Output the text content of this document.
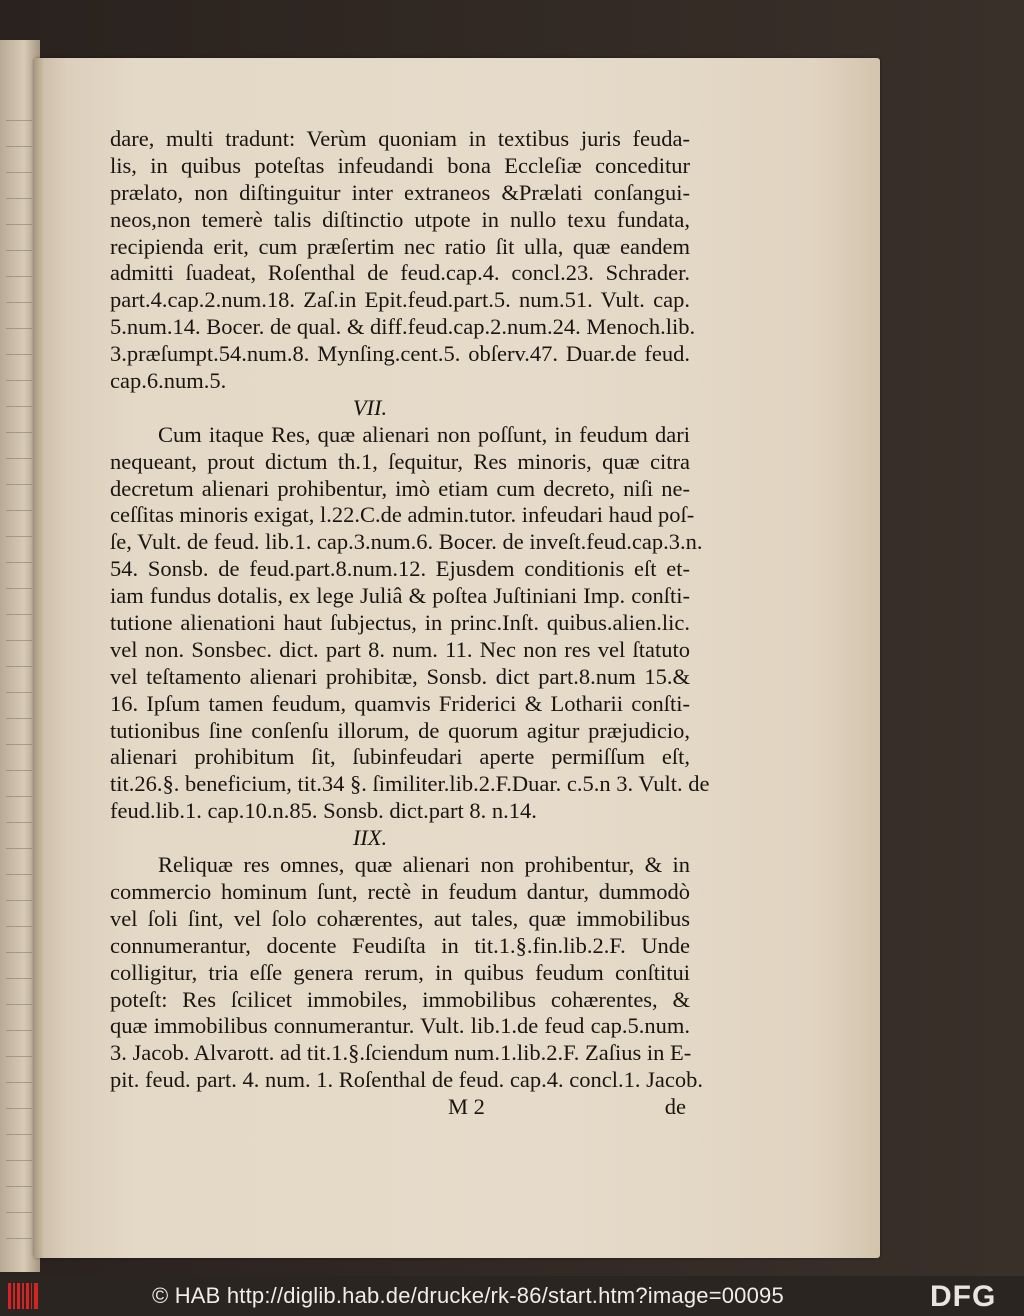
dare, multi tradunt: Verùm quoniam in textibus juris feuda-
lis, in quibus poteſtas infeudandi bona Eccleſiæ conceditur
prælato, non diſtinguitur inter extraneos &Prælati conſangui-
neos,non temerè talis diſtinctio utpote in nullo texu fundata,
recipienda erit, cum præſertim nec ratio ſit ulla, quæ eandem
admitti ſuadeat, Roſenthal de feud.cap.4. concl.23. Schrader.
part.4.cap.2.num.18. Zaſ.in Epit.feud.part.5. num.51. Vult. cap.
5.num.14. Bocer. de qual. & diff.feud.cap.2.num.24. Menoch.lib.
3.præſumpt.54.num.8. Mynſing.cent.5. obſerv.47. Duar.de feud.
cap.6.num.5.
VII.
Cum itaque Res, quæ alienari non poſſunt, in feudum dari
nequeant, prout dictum th.1, ſequitur, Res minoris, quæ citra
decretum alienari prohibentur, imò etiam cum decreto, niſi ne-
ceſſitas minoris exigat, l.22.C.de admin.tutor. infeudari haud poſ-
ſe, Vult. de feud. lib.1. cap.3.num.6. Bocer. de inveſt.feud.cap.3.n.
54. Sonsb. de feud.part.8.num.12. Ejusdem conditionis eſt et-
iam fundus dotalis, ex lege Juliâ & poſtea Juſtiniani Imp. conſti-
tutione alienationi haut ſubjectus, in princ.Inſt. quibus.alien.lic.
vel non. Sonsbec. dict. part 8. num. 11. Nec non res vel ſtatuto
vel teſtamento alienari prohibitæ, Sonsb. dict part.8.num 15.&
16. Ipſum tamen feudum, quamvis Friderici & Lotharii conſti-
tutionibus ſine conſenſu illorum, de quorum agitur præjudicio,
alienari prohibitum ſit, ſubinfeudari aperte permiſſum eſt,
tit.26.§. beneficium, tit.34 §. ſimiliter.lib.2.F.Duar. c.5.n 3. Vult. de
feud.lib.1. cap.10.n.85. Sonsb. dict.part 8. n.14.
IIX.
Reliquæ res omnes, quæ alienari non prohibentur, & in
commercio hominum ſunt, rectè in feudum dantur, dummodò
vel ſoli ſint, vel ſolo cohærentes, aut tales, quæ immobilibus
connumerantur, docente Feudiſta in tit.1.§.fin.lib.2.F. Unde
colligitur, tria eſſe genera rerum, in quibus feudum conſtitui
poteſt: Res ſcilicet immobiles, immobilibus cohærentes, &
quæ immobilibus connumerantur. Vult. lib.1.de feud cap.5.num.
3. Jacob. Alvarott. ad tit.1.§.ſciendum num.1.lib.2.F. Zaſius in E-
pit. feud. part. 4. num. 1. Roſenthal de feud. cap.4. concl.1. Jacob.
M 2	de
© HAB http://diglib.hab.de/drucke/rk-86/start.htm?image=00095	DFG
